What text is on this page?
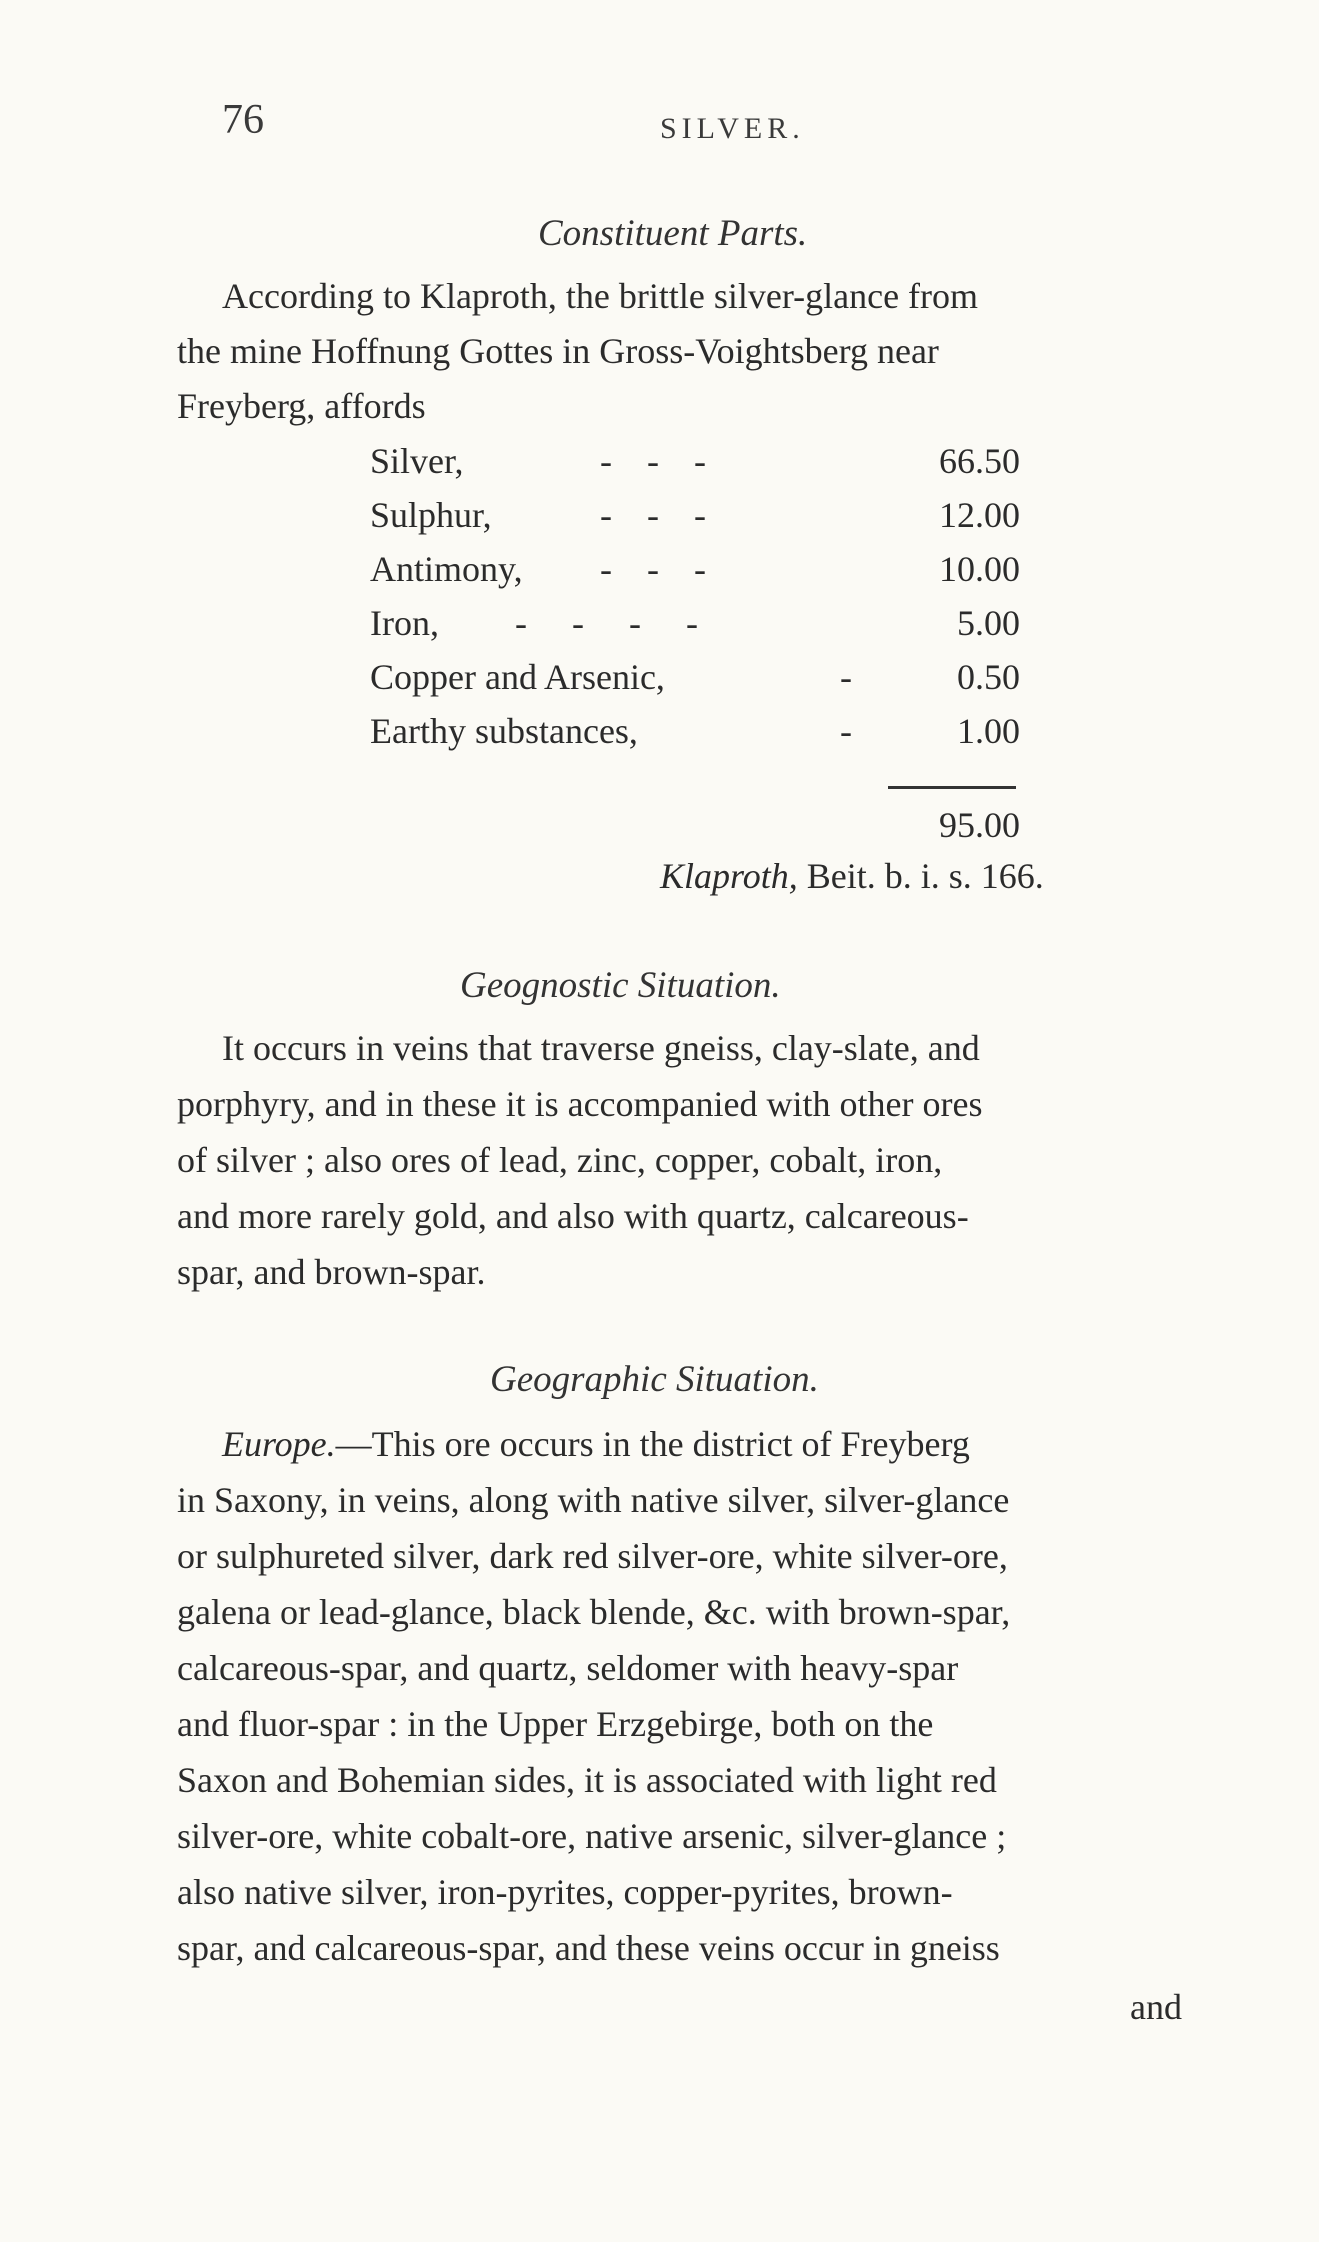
76	SILVER.
Constituent Parts.
According to Klaproth, the brittle silver-glance from
the mine Hoffnung Gottes in Gross-Voightsberg near
Freyberg, affords
Silver,	- - -	66.50
Sulphur,	- - -	12.00
Antimony, - - -	10.00
Iron, - - - -	5.00
Copper and Arsenic,	-	0.50
Earthy substances,	-	1.00
95.00
Klaproth, Beit. b. i. s. 166.
Geognostic Situation.
It occurs in veins that traverse gneiss, clay-slate, and
porphyry, and in these it is accompanied with other ores
of silver ; also ores of lead, zinc, copper, cobalt, iron,
and more rarely gold, and also with quartz, calcareous-
spar, and brown-spar.
Geographic Situation.
Europe.—This ore occurs in the district of Freyberg
in Saxony, in veins, along with native silver, silver-glance
or sulphureted silver, dark red silver-ore, white silver-ore,
galena or lead-glance, black blende, &c. with brown-spar,
calcareous-spar, and quartz, seldomer with heavy-spar
and fluor-spar : in the Upper Erzgebirge, both on the
Saxon and Bohemian sides, it is associated with light red
silver-ore, white cobalt-ore, native arsenic, silver-glance ;
also native silver, iron-pyrites, copper-pyrites, brown-
spar, and calcareous-spar, and these veins occur in gneiss
and
